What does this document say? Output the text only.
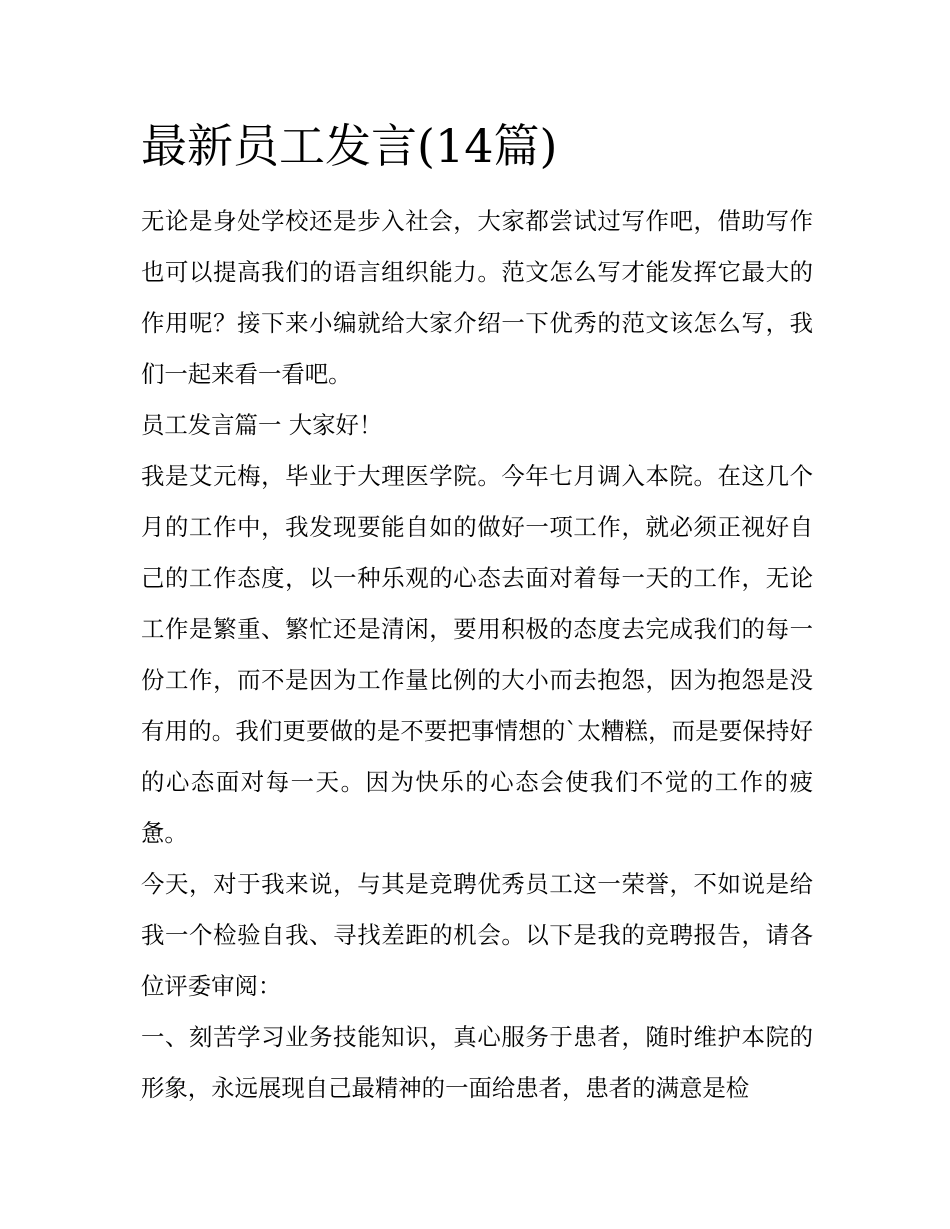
最新员工发言(14篇)

无论是身处学校还是步入社会，大家都尝试过写作吧，借助写作也可以提高我们的语言组织能力。范文怎么写才能发挥它最大的作用呢？接下来小编就给大家介绍一下优秀的范文该怎么写，我们一起来看一看吧。

员工发言篇一 大家好！

我是艾元梅，毕业于大理医学院。今年七月调入本院。在这几个月的工作中，我发现要能自如的做好一项工作，就必须正视好自己的工作态度，以一种乐观的心态去面对着每一天的工作，无论工作是繁重、繁忙还是清闲，要用积极的态度去完成我们的每一份工作，而不是因为工作量比例的大小而去抱怨，因为抱怨是没有用的。我们更要做的是不要把事情想的`太糟糕，而是要保持好的心态面对每一天。因为快乐的心态会使我们不觉的工作的疲惫。

今天，对于我来说，与其是竞聘优秀员工这一荣誉，不如说是给我一个检验自我、寻找差距的机会。以下是我的竞聘报告，请各位评委审阅：

一、刻苦学习业务技能知识，真心服务于患者，随时维护本院的形象，永远展现自己最精神的一面给患者，患者的满意是检
